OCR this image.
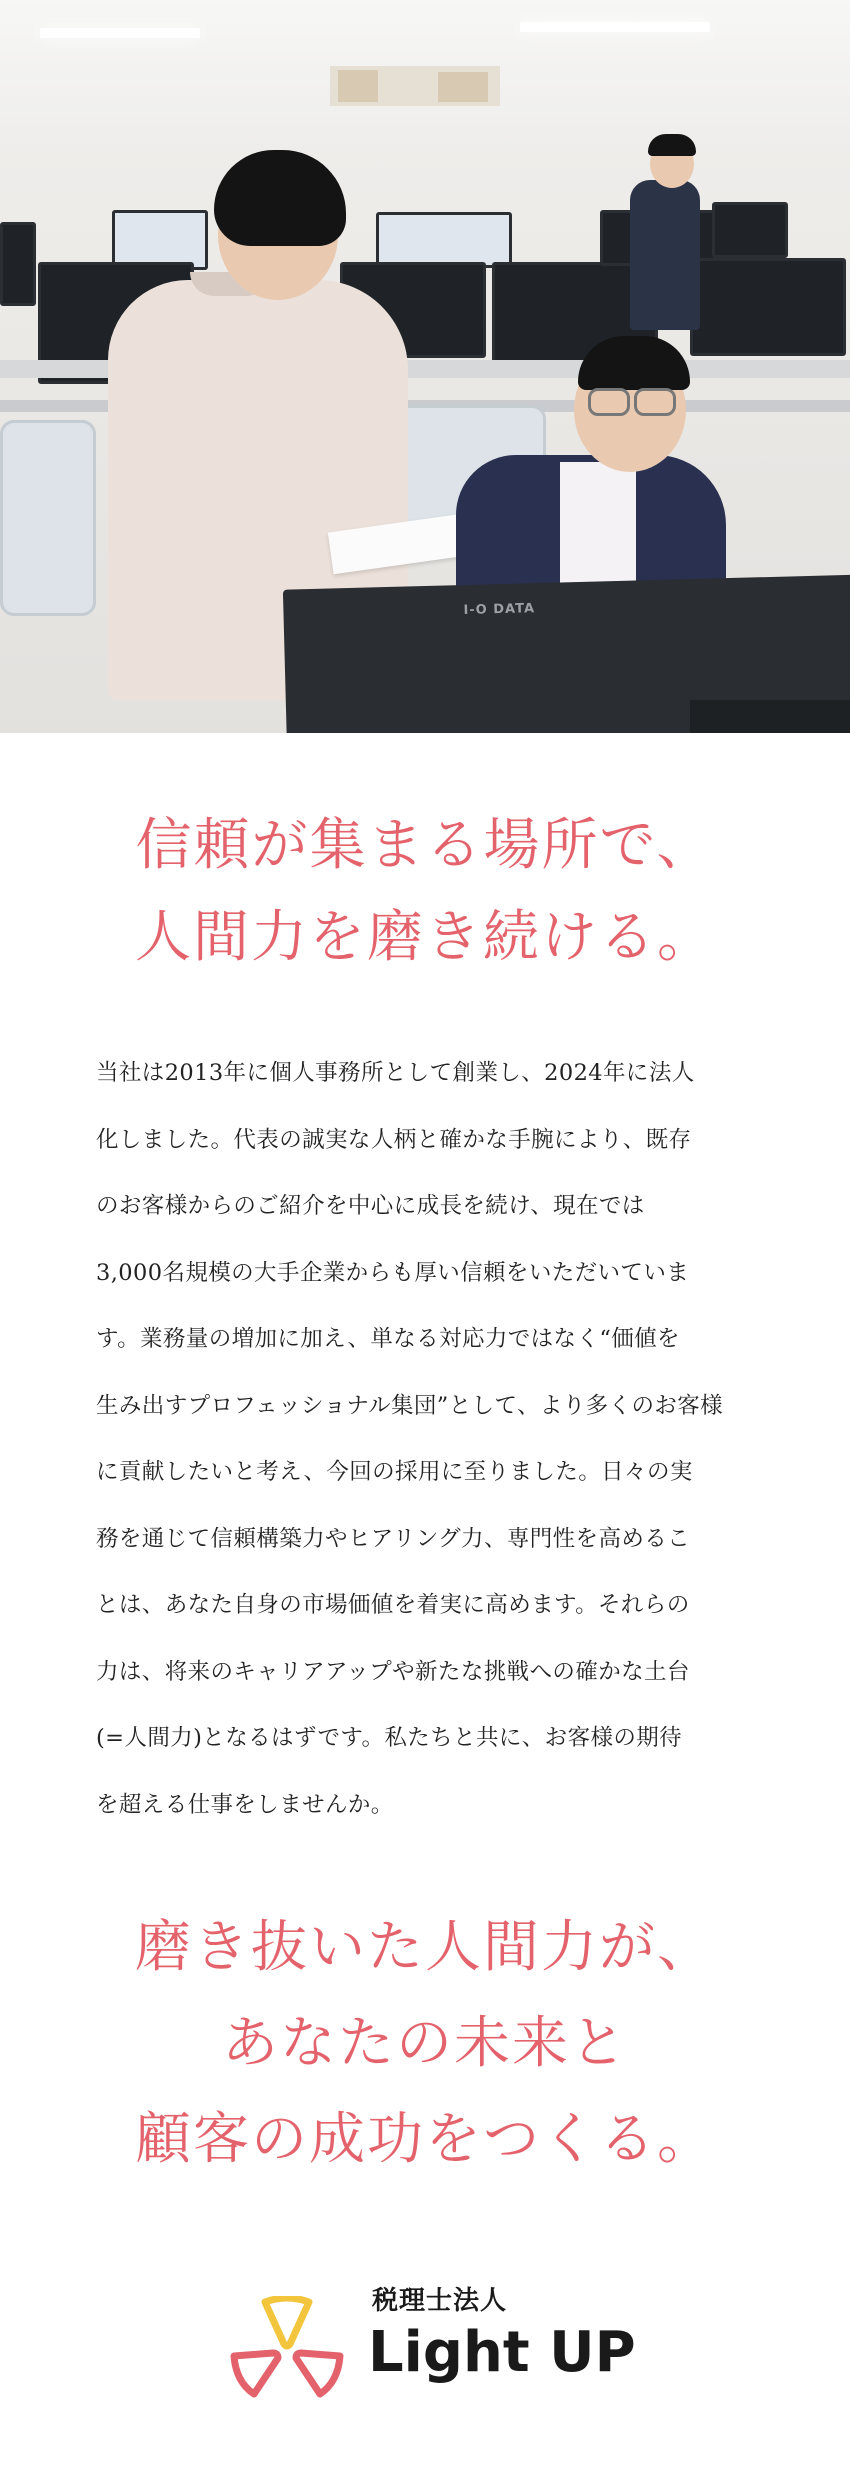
I-O DATA
信頼が集まる場所で、
人間力を磨き続ける。
当社は2013年に個人事務所として創業し、2024年に法人
化しました。代表の誠実な人柄と確かな手腕により、既存
のお客様からのご紹介を中心に成長を続け、現在では
3,000名規模の大手企業からも厚い信頼をいただいていま
す。業務量の増加に加え、単なる対応力ではなく“価値を
生み出すプロフェッショナル集団”として、より多くのお客様
に貢献したいと考え、今回の採用に至りました。日々の実
務を通じて信頼構築力やヒアリング力、専門性を高めるこ
とは、あなた自身の市場価値を着実に高めます。それらの
力は、将来のキャリアアップや新たな挑戦への確かな土台
(=人間力)となるはずです。私たちと共に、お客様の期待
を超える仕事をしませんか。
磨き抜いた人間力が、
あなたの未来と
顧客の成功をつくる。
税理士法人
Light UP
